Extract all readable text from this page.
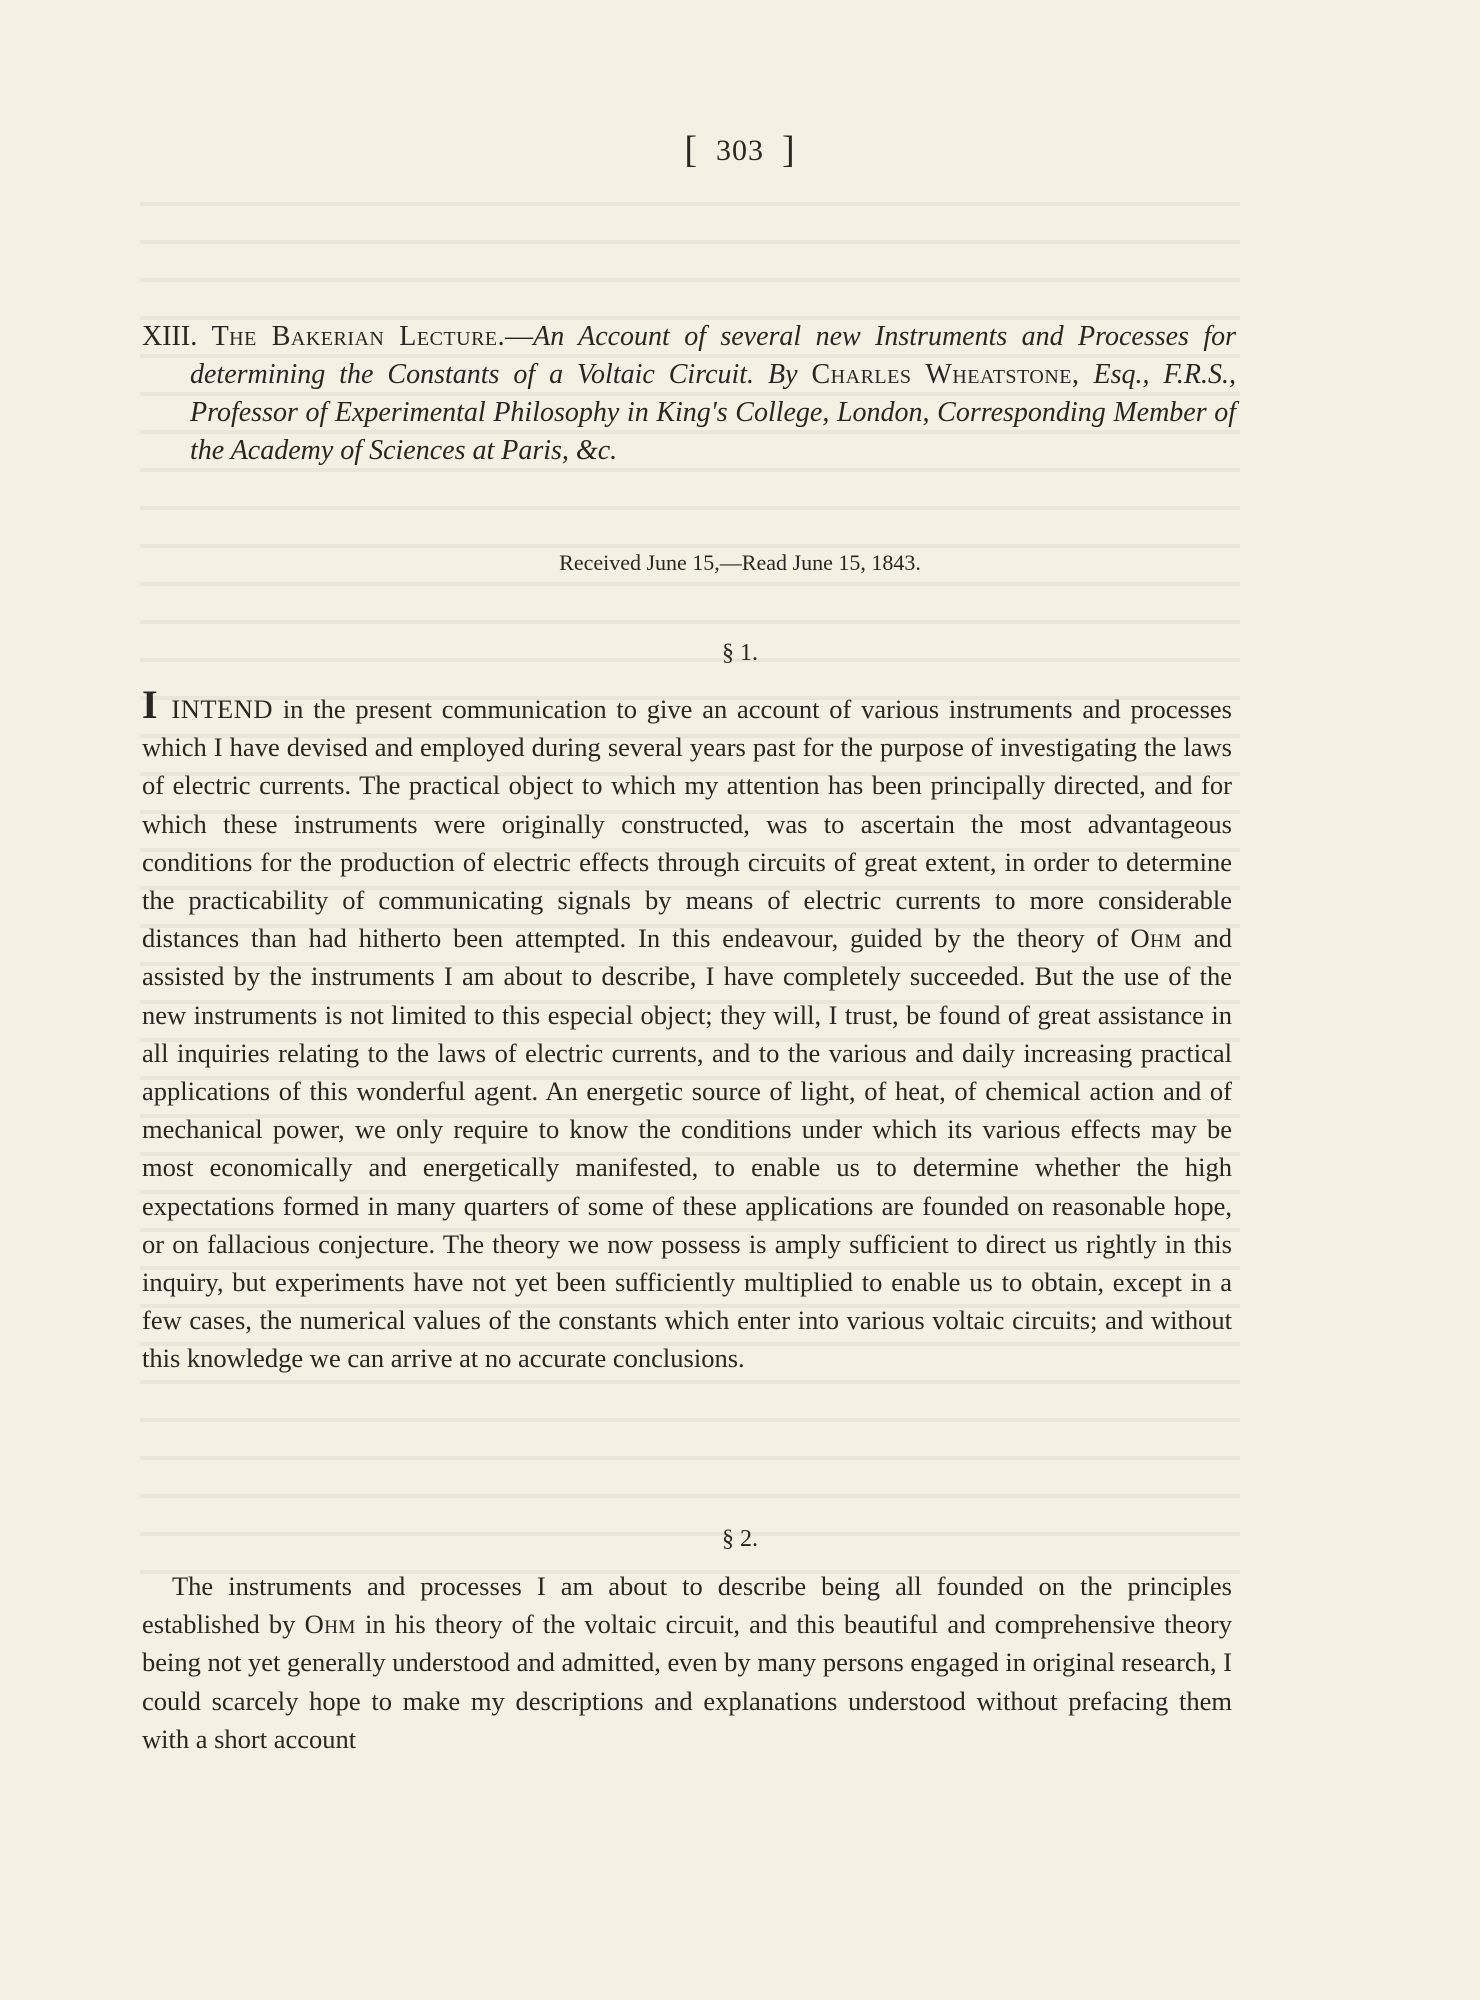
[ 303 ]

XIII. The Bakerian Lecture.—An Account of several new Instruments and Processes for determining the Constants of a Voltaic Circuit. By Charles Wheatstone, Esq., F.R.S., Professor of Experimental Philosophy in King's College, London, Corresponding Member of the Academy of Sciences at Paris, &c.

Received June 15,—Read June 15, 1843.
§ 1.

I INTEND in the present communication to give an account of various instruments and processes which I have devised and employed during several years past for the purpose of investigating the laws of electric currents. The practical object to which my attention has been principally directed, and for which these instruments were originally constructed, was to ascertain the most advantageous conditions for the production of electric effects through circuits of great extent, in order to determine the practicability of communicating signals by means of electric currents to more considerable distances than had hitherto been attempted. In this endeavour, guided by the theory of Ohm and assisted by the instruments I am about to describe, I have completely succeeded. But the use of the new instruments is not limited to this especial object; they will, I trust, be found of great assistance in all inquiries relating to the laws of electric currents, and to the various and daily increasing practical applications of this wonderful agent. An energetic source of light, of heat, of chemical action and of mechanical power, we only require to know the conditions under which its various effects may be most economically and energetically manifested, to enable us to determine whether the high expectations formed in many quarters of some of these applications are founded on reasonable hope, or on fallacious conjecture. The theory we now possess is amply sufficient to direct us rightly in this inquiry, but experiments have not yet been sufficiently multiplied to enable us to obtain, except in a few cases, the numerical values of the constants which enter into various voltaic circuits; and without this knowledge we can arrive at no accurate conclusions.

§ 2.

The instruments and processes I am about to describe being all founded on the principles established by Ohm in his theory of the voltaic circuit, and this beautiful and comprehensive theory being not yet generally understood and admitted, even by many persons engaged in original research, I could scarcely hope to make my descriptions and explanations understood without prefacing them with a short account
